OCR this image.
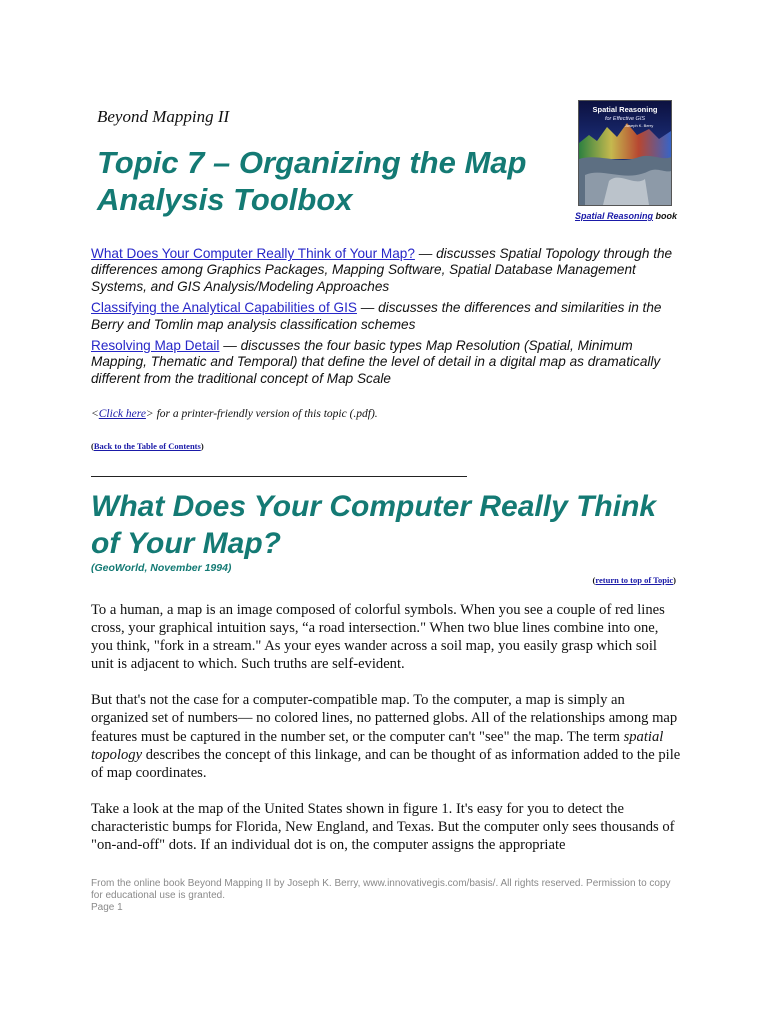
Beyond Mapping II
Topic 7 – Organizing the Map Analysis Toolbox
Spatial Reasoning
for Effective GIS
Joseph K. Berry
Spatial Reasoning book
What Does Your Computer Really Think of Your Map? — discusses Spatial Topology through the differences among Graphics Packages, Mapping Software, Spatial Database Management Systems, and GIS Analysis/Modeling Approaches
Classifying the Analytical Capabilities of GIS — discusses the differences and similarities in the Berry and Tomlin map analysis classification schemes
Resolving Map Detail — discusses the four basic types Map Resolution (Spatial, Minimum Mapping, Thematic and Temporal) that define the level of detail in a digital map as dramatically different from the traditional concept of Map Scale
<Click here> for a printer-friendly version of this topic (.pdf).
(Back to the Table of Contents)
What Does Your Computer Really Think of Your Map?
(GeoWorld, November 1994)
(return to top of Topic)

To a human, a map is an image composed of colorful symbols. When you see a couple of red lines cross, your graphical intuition says, “a road intersection." When two blue lines combine into one, you think, "fork in a stream." As your eyes wander across a soil map, you easily grasp which soil unit is adjacent to which. Such truths are self-evident.

But that's not the case for a computer-compatible map. To the computer, a map is simply an organized set of numbers— no colored lines, no patterned globs. All of the relationships among map features must be captured in the number set, or the computer can't "see" the map. The term spatial topology describes the concept of this linkage, and can be thought of as information added to the pile of map coordinates.

Take a look at the map of the United States shown in figure 1. It's easy for you to detect the characteristic bumps for Florida, New England, and Texas. But the computer only sees thousands of "on-and-off" dots. If an individual dot is on, the computer assigns the appropriate

From the online book Beyond Mapping II by Joseph K. Berry, www.innovativegis.com/basis/. All rights reserved. Permission to copy for educational use is granted.
Page 1
